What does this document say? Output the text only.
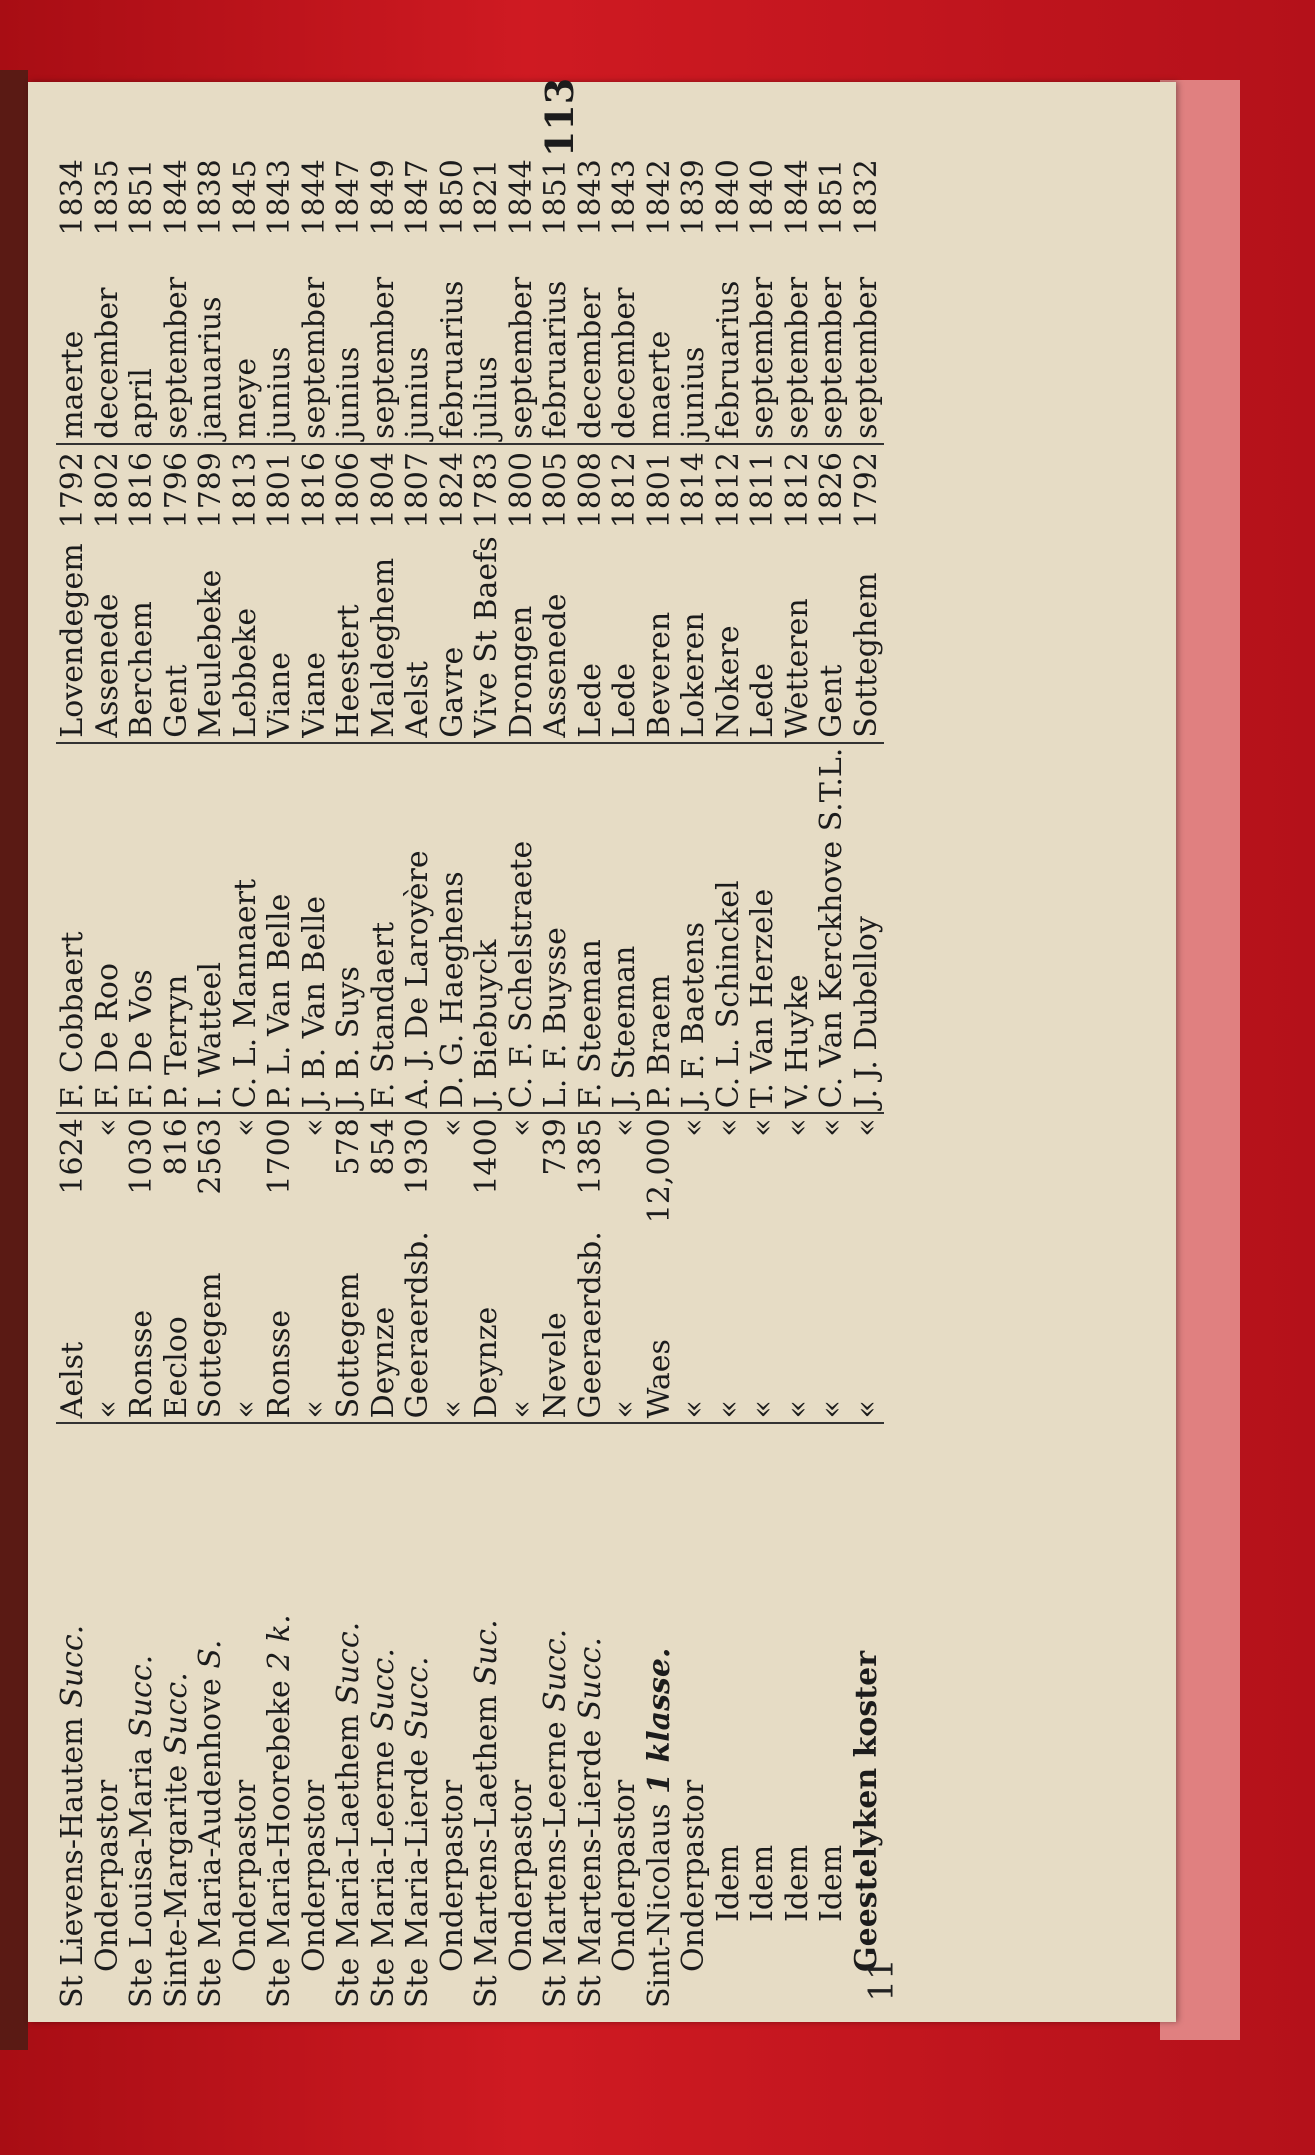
113
St Lievens-Hautem Succ.	Aelst	1624	F. Cobbaert	Lovendegem	1792	maerte	1834
Onderpastor	«	«	F. De Roo	Assenede	1802	december	1835
Ste Louisa-Maria Succ.	Ronsse	1030	F. De Vos	Berchem	1816	april	1851
Sinte-Margarite Succ.	Eecloo	816	P. Terryn	Gent	1796	september	1844
Ste Maria-Audenhove S.	Sottegem	2563	I. Watteel	Meulebeke	1789	januarius	1838
Onderpastor	«	«	C. L. Mannaert	Lebbeke	1813	meye	1845
Ste Maria-Hoorebeke 2 k.	Ronsse	1700	P. L. Van Belle	Viane	1801	junius	1843
Onderpastor	«	«	J. B. Van Belle	Viane	1816	september	1844
Ste Maria-Laethem Succ.	Sottegem	578	J. B. Suys	Heestert	1806	junius	1847
Ste Maria-Leerne Succ.	Deynze	854	F. Standaert	Maldeghem	1804	september	1849
Ste Maria-Lierde Succ.	Geeraerdsb.	1930	A. J. De Laroyère	Aelst	1807	junius	1847
Onderpastor	«	«	D. G. Haeghens	Gavre	1824	februarius	1850
St Martens-Laethem Suc.	Deynze	1400	J. Biebuyck	Vive St Baefs	1783	julius	1821
Onderpastor	«	«	C. F. Schelstraete	Drongen	1800	september	1844
St Martens-Leerne Succ.	Nevele	739	L. F. Buysse	Assenede	1805	februarius	1851
St Martens-Lierde Succ.	Geeraerdsb.	1385	F. Steeman	Lede	1808	december	1843
Onderpastor	«	«	J. Steeman	Lede	1812	december	1843
Sint-Nicolaus 1 klasse.	Waes	12,000	P. Braem	Beveren	1801	maerte	1842
Onderpastor	«	«	J. F. Baetens	Lokeren	1814	junius	1839
Idem	«	«	C. L. Schinckel	Nokere	1812	februarius	1840
Idem	«	«	T. Van Herzele	Lede	1811	september	1840
Idem	«	«	V. Huyke	Wetteren	1812	september	1844
Idem	«	«	C. Van Kerckhove S.T.L.	Gent	1826	september	1851
Geestelyken koster	«	«	J. J. Dubelloy	Sotteghem	1792	september	1832
11
